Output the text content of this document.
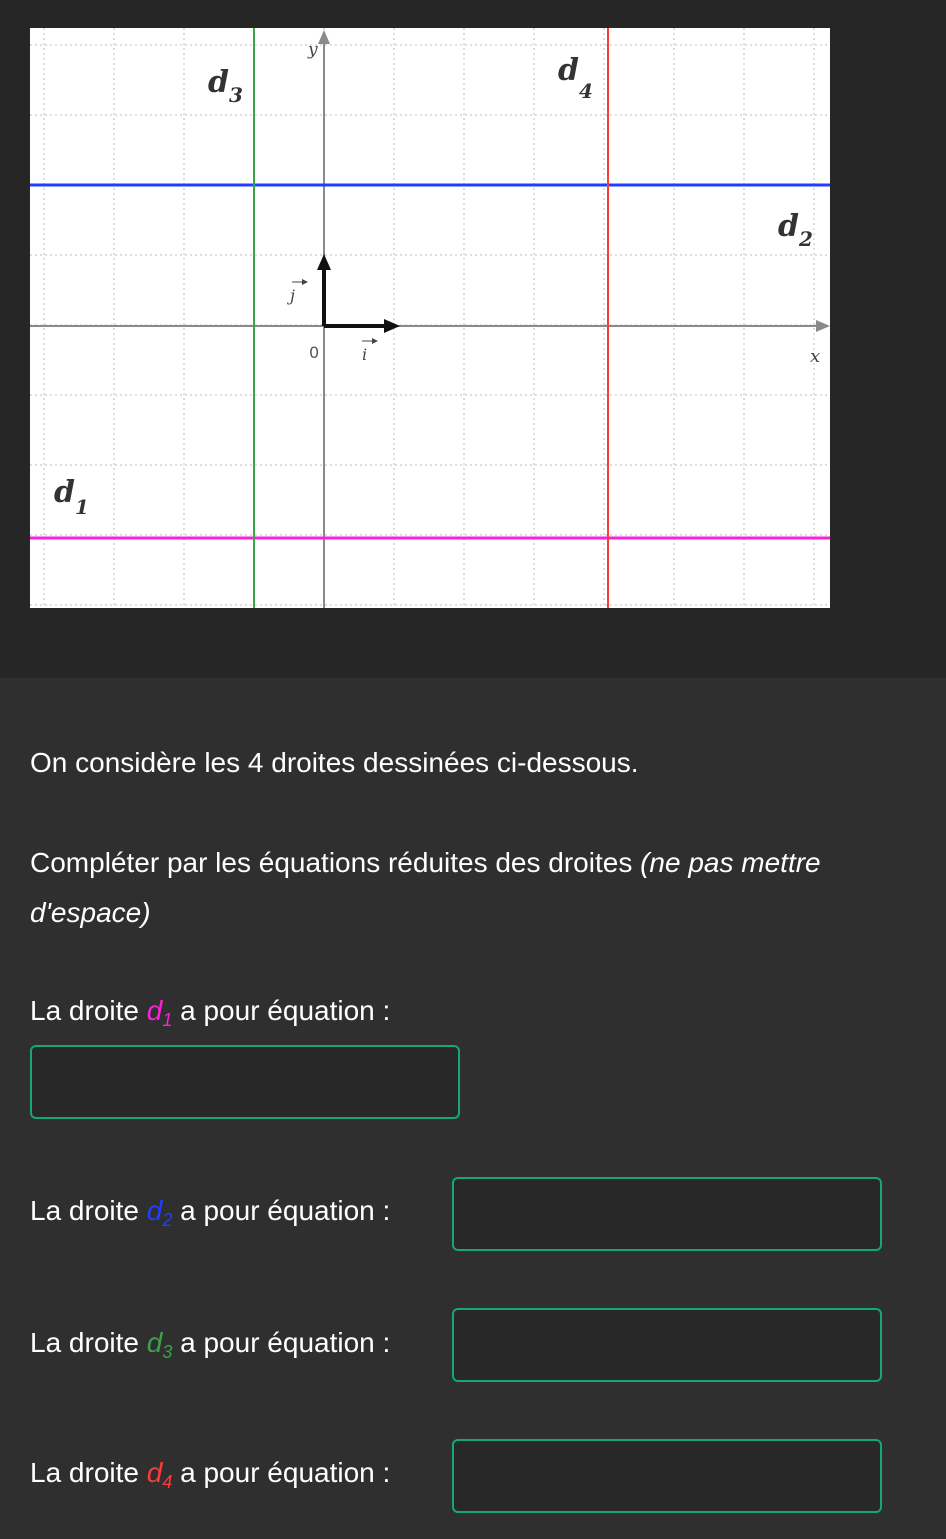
$d_3$
$d_4$
$d_2$
$d_1$
y
x
0	i
j
On considère les 4 droites dessinées ci-dessous.
Compléter par les équations réduites des droites (ne pas mettre d'espace)
La droite $d_1$ a pour équation :
La droite $d_2$ a pour équation :
La droite $d_3$ a pour équation :
La droite $d_4$ a pour équation :
